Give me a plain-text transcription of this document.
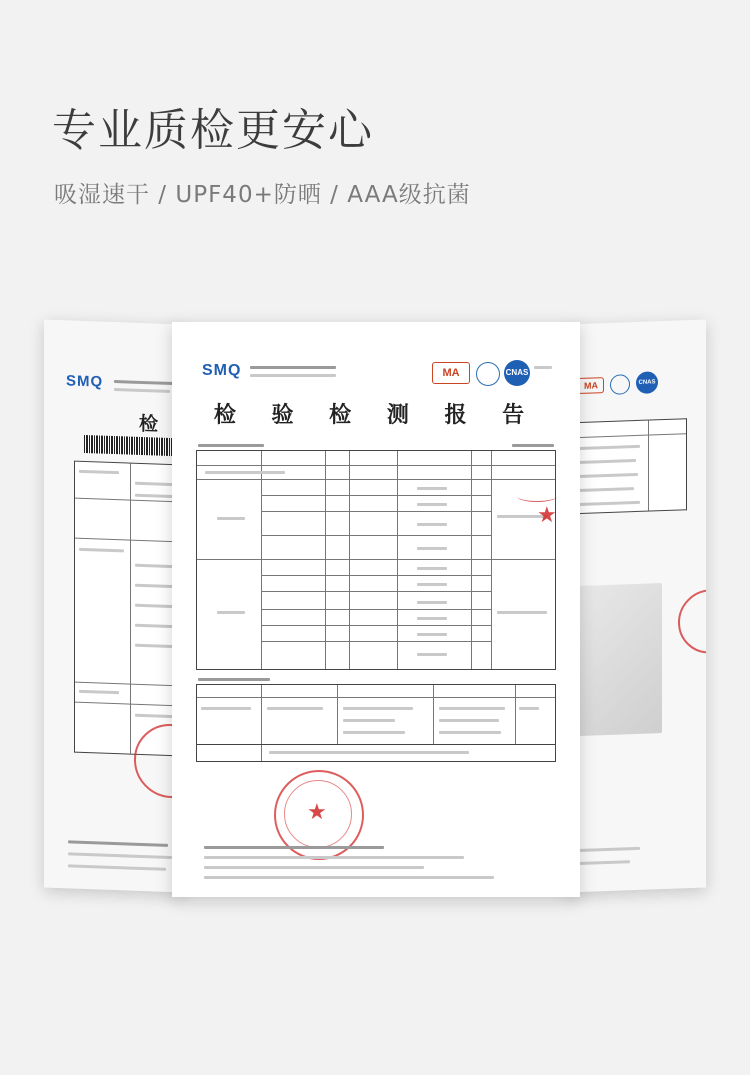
专业质检更安心
吸湿速干 / UPF40+防晒 / AAA级抗菌
SMQ
检
MA	CNAS
SMQ	MA	CNAS
检 验 检 测 报 告
★
★
